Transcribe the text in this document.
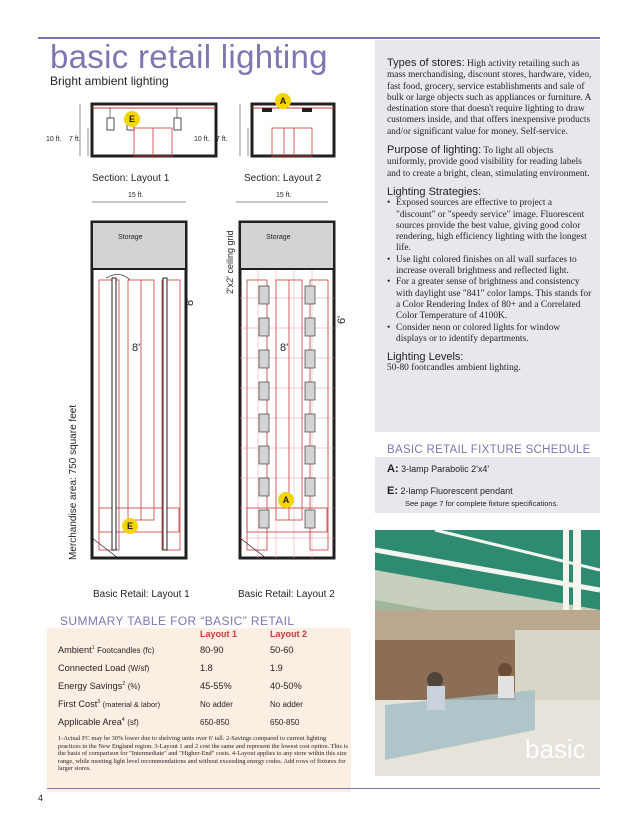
basic retail lighting
Bright ambient lighting
10 ft. 7 ft.	10 ft. 7 ft.
E
A
Section: Layout 1	Section: Layout 2
15 ft.	15 ft.
Storage
8'
E
8'
Merchandise area: 750 square feet
Storage
8'
A
6'
2'x2' ceiling grid
Basic Retail: Layout 1	Basic Retail: Layout 2
Types of stores: High activity retailing such as mass merchandising, discount stores, hardware, video, fast food, grocery, service establishments and sale of bulk or large objects such as appliances or furniture. A destination store that doesn't require lighting to draw customers inside, and that offers inexpensive products and/or significant value for money. Self-service.
Purpose of lighting: To light all objects uniformly, provide good visibility for reading labels and to create a bright, clean, stimulating environment.
Lighting Strategies:
• Exposed sources are effective to project a "discount" or "speedy service" image. Fluorescent sources provide the best value, giving good color rendering, high efficiency lighting with the longest life.
• Use light colored finishes on all wall surfaces to increase overall brightness and reflected light.
• For a greater sense of brightness and consistency with daylight use "841" color lamps. This stands for a Color Rendering Index of 80+ and a Correlated Color Temperature of 4100K.
• Consider neon or colored lights for window displays or to identify departments.
Lighting Levels:
50-80 footcandles ambient lighting.
BASIC RETAIL FIXTURE SCHEDULE
A: 3-lamp Parabolic 2'x4'
E: 2-lamp Fluorescent pendant
See page 7 for complete fixture specifications.
basic
SUMMARY TABLE FOR “BASIC” RETAIL
	Layout 1	Layout 2
Ambient$^1$ Footcandles (fc)	80-90	50-60
Connected Load (W/sf)	1.8	1.9
Energy Savings$^2$ (%)	45-55%	40-50%
First Cost$^3$ (material & labor)	No adder	No adder
Applicable Area$^4$ (sf)	650-850	650-850
1-Actual FC may be 30% lower due to shelving units over 6' tall. 2-Savings compared to current lighting practices in the New England region. 3-Layout 1 and 2 cost the same and represent the lowest cost option. This is the basis of comparison for "Intermediate" and "Higher-End" costs. 4-Layout applies to any store within this size range, while meeting light level recommendations and without exceeding energy codes. Add rows of fixtures for larger stores.
4
